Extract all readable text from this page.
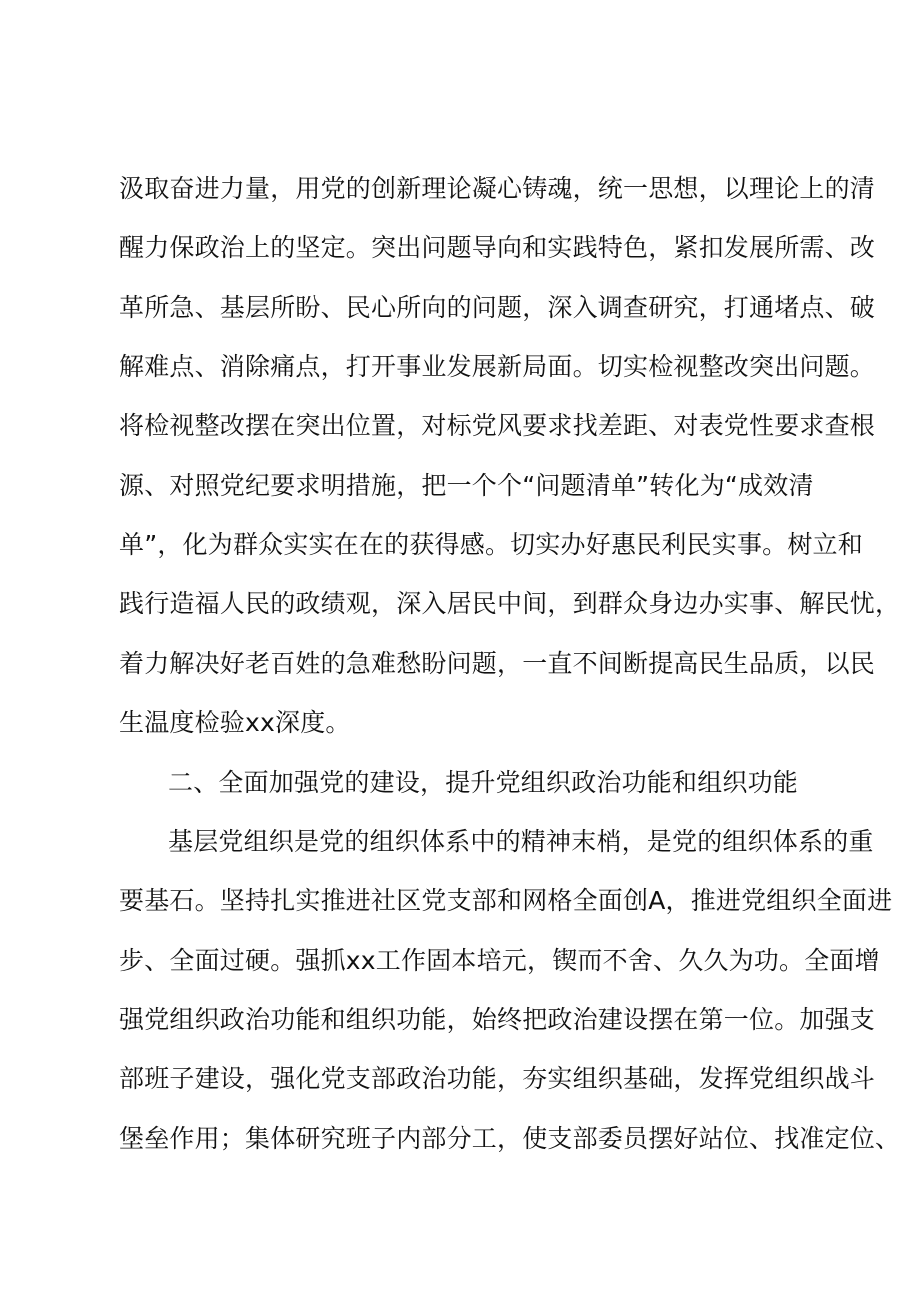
汲取奋进力量，用党的创新理论凝心铸魂，统一思想，以理论上的清
醒力保政治上的坚定。突出问题导向和实践特色，紧扣发展所需、改
革所急、基层所盼、民心所向的问题，深入调查研究，打通堵点、破
解难点、消除痛点，打开事业发展新局面。切实检视整改突出问题。
将检视整改摆在突出位置，对标党风要求找差距、对表党性要求查根
源、对照党纪要求明措施，把一个个“问题清单”转化为“成效清
单”，化为群众实实在在的获得感。切实办好惠民利民实事。树立和
践行造福人民的政绩观，深入居民中间，到群众身边办实事、解民忧，
着力解决好老百姓的急难愁盼问题，一直不间断提高民生品质，以民
生温度检验xx深度。
二、全面加强党的建设，提升党组织政治功能和组织功能
基层党组织是党的组织体系中的精神末梢，是党的组织体系的重
要基石。坚持扎实推进社区党支部和网格全面创A，推进党组织全面进
步、全面过硬。强抓xx工作固本培元，锲而不舍、久久为功。全面增
强党组织政治功能和组织功能，始终把政治建设摆在第一位。加强支
部班子建设，强化党支部政治功能，夯实组织基础，发挥党组织战斗
堡垒作用；集体研究班子内部分工，使支部委员摆好站位、找准定位、
